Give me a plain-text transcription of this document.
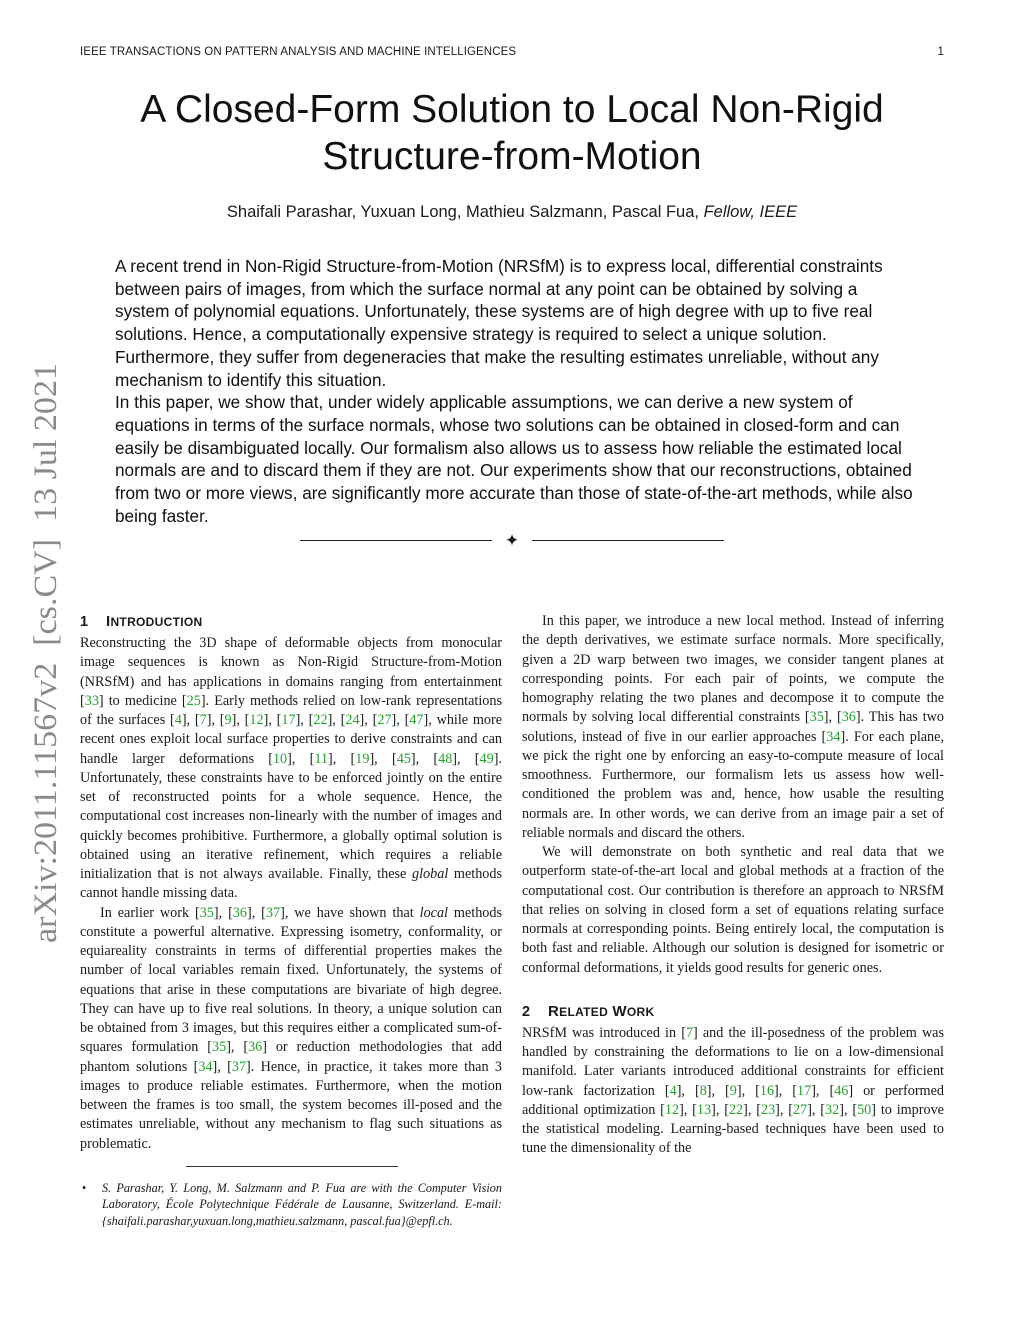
IEEE TRANSACTIONS ON PATTERN ANALYSIS AND MACHINE INTELLIGENCES	1
arXiv:2011.11567v2  [cs.CV]  13 Jul 2021
A Closed-Form Solution to Local Non-Rigid
Structure-from-Motion
Shaifali Parashar, Yuxuan Long, Mathieu Salzmann, Pascal Fua, Fellow, IEEE

A recent trend in Non-Rigid Structure-from-Motion (NRSfM) is to express local, differential constraints between pairs of images, from which the surface normal at any point can be obtained by solving a system of polynomial equations. Unfortunately, these systems are of high degree with up to five real solutions. Hence, a computationally expensive strategy is required to select a unique solution. Furthermore, they suffer from degeneracies that make the resulting estimates unreliable, without any mechanism to identify this situation.

In this paper, we show that, under widely applicable assumptions, we can derive a new system of equations in terms of the surface normals, whose two solutions can be obtained in closed-form and can easily be disambiguated locally. Our formalism also allows us to assess how reliable the estimated local normals are and to discard them if they are not. Our experiments show that our reconstructions, obtained from two or more views, are significantly more accurate than those of state-of-the-art methods, while also being faster.

✦
1 INTRODUCTION

Reconstructing the 3D shape of deformable objects from monocular image sequences is known as Non-Rigid Structure-from-Motion (NRSfM) and has applications in domains ranging from entertainment [33] to medicine [25]. Early methods relied on low-rank representations of the surfaces [4], [7], [9], [12], [17], [22], [24], [27], [47], while more recent ones exploit local surface properties to derive constraints and can handle larger deformations [10], [11], [19], [45], [48], [49]. Unfortunately, these constraints have to be enforced jointly on the entire set of reconstructed points for a whole sequence. Hence, the computational cost increases non-linearly with the number of images and quickly becomes prohibitive. Furthermore, a globally optimal solution is obtained using an iterative refinement, which requires a reliable initialization that is not always available. Finally, these global methods cannot handle missing data.

In earlier work [35], [36], [37], we have shown that local methods constitute a powerful alternative. Expressing isometry, conformality, or equiareality constraints in terms of differential properties makes the number of local variables remain fixed. Unfortunately, the systems of equations that arise in these computations are bivariate of high degree. They can have up to five real solutions. In theory, a unique solution can be obtained from 3 images, but this requires either a complicated sum-of-squares formulation [35], [36] or reduction methodologies that add phantom solutions [34], [37]. Hence, in practice, it takes more than 3 images to produce reliable estimates. Furthermore, when the motion between the frames is too small, the system becomes ill-posed and the estimates unreliable, without any mechanism to flag such situations as problematic.

In this paper, we introduce a new local method. Instead of inferring the depth derivatives, we estimate surface normals. More specifically, given a 2D warp between two images, we consider tangent planes at corresponding points. For each pair of points, we compute the homography relating the two planes and decompose it to compute the normals by solving local differential constraints [35], [36]. This has two solutions, instead of five in our earlier approaches [34]. For each plane, we pick the right one by enforcing an easy-to-compute measure of local smoothness. Furthermore, our formalism lets us assess how well-conditioned the problem was and, hence, how usable the resulting normals are. In other words, we can derive from an image pair a set of reliable normals and discard the others.

We will demonstrate on both synthetic and real data that we outperform state-of-the-art local and global methods at a fraction of the computational cost. Our contribution is therefore an approach to NRSfM that relies on solving in closed form a set of equations relating surface normals at corresponding points. Being entirely local, the computation is both fast and reliable. Although our solution is designed for isometric or conformal deformations, it yields good results for generic ones.

2 RELATED WORK

NRSfM was introduced in [7] and the ill-posedness of the problem was handled by constraining the deformations to lie on a low-dimensional manifold. Later variants introduced additional constraints for efficient low-rank factorization [4], [8], [9], [16], [17], [46] or performed additional optimization [12], [13], [22], [23], [27], [32], [50] to improve the statistical modeling. Learning-based techniques have been used to tune the dimensionality of the

• S. Parashar, Y. Long, M. Salzmann and P. Fua are with the Computer Vision Laboratory, École Polytechnique Fédérale de Lausanne, Switzerland. E-mail: {shaifali.parashar,yuxuan.long,mathieu.salzmann, pascal.fua}@epfl.ch.
